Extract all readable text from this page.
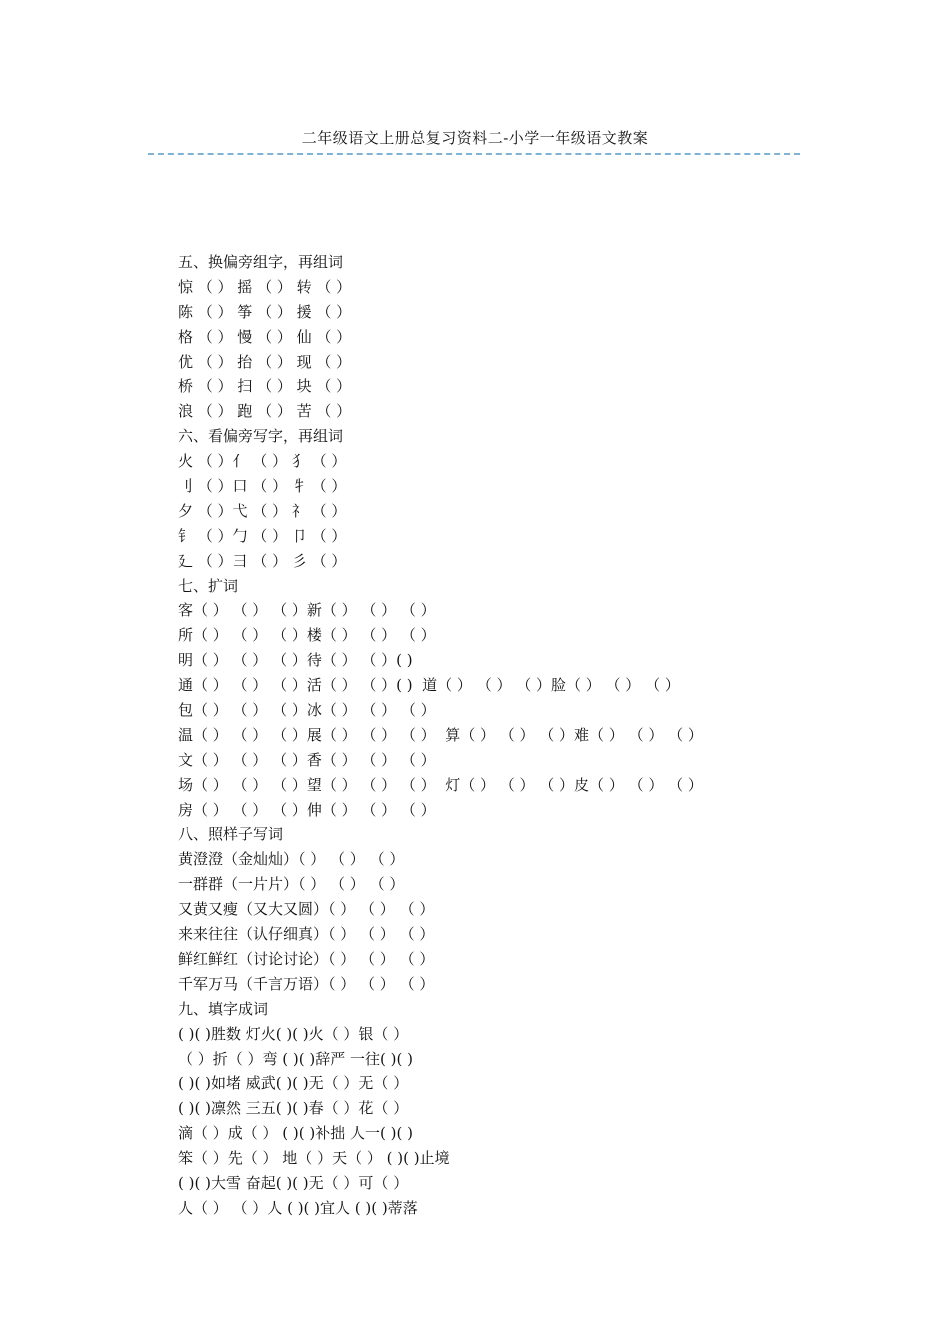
二年级语文上册总复习资料二-小学一年级语文教案
五、换偏旁组字，再组词
惊 （ ） 摇 （ ） 转 （ ）
陈 （ ） 筝 （ ） 援 （ ）
格 （ ） 慢 （ ） 仙 （ ）
优 （ ） 抬 （ ） 现 （ ）
桥 （ ） 扫 （ ） 块 （ ）
浪 （ ） 跑 （ ） 苦 （ ）
六、看偏旁写字，再组词
火 （ ）亻 （ ） 犭 （ ）
刂 （ ）口 （ ） 牜 （ ）
夕 （ ）弋 （ ） 礻 （ ）
钅 （ ）勹 （ ） 卩 （ ）
廴 （ ）彐 （ ） 彡 （ ）
七、扩词
客（ ） （ ） （ ）新（ ） （ ） （ ）
所（ ） （ ） （ ）楼（ ） （ ） （ ）
明（ ） （ ） （ ）待（ ） （ ）( )
通（ ） （ ） （ ）活（ ） （ ）( )  道（ ） （ ） （ ）脸（ ） （ ） （ ）
包（ ） （ ） （ ）冰（ ） （ ） （ ）
温（ ） （ ） （ ）展（ ） （ ） （ ）  算（ ） （ ） （ ）难（ ） （ ） （ ）
文（ ） （ ） （ ）香（ ） （ ） （ ）
场（ ） （ ） （ ）望（ ） （ ） （ ）  灯（ ） （ ） （ ）皮（ ） （ ） （ ）
房（ ） （ ） （ ）伸（ ） （ ） （ ）
八、照样子写词
黄澄澄（金灿灿）（ ） （ ） （ ）
一群群（一片片）（ ） （ ） （ ）
又黄又瘦（又大又圆）（ ） （ ） （ ）
来来往往（认仔细真）（ ） （ ） （ ）
鲜红鲜红（讨论讨论）（ ） （ ） （ ）
千军万马（千言万语）（ ） （ ） （ ）
九、填字成词
( )( )胜数 灯火( )( )火（ ）银（ ）
（ ）折（ ）弯 ( )( )辞严 一往( )( )
( )( )如堵 威武( )( )无（ ）无（ ）
( )( )凛然 三五( )( )春（ ）花（ ）
滴（ ）成（ ） ( )( )补拙 人一( )( )
笨（ ）先（ ） 地（ ）天（ ） ( )( )止境
( )( )大雪 奋起( )( )无（ ）可（ ）
人（ ） （ ）人 ( )( )宜人 ( )( )蒂落
